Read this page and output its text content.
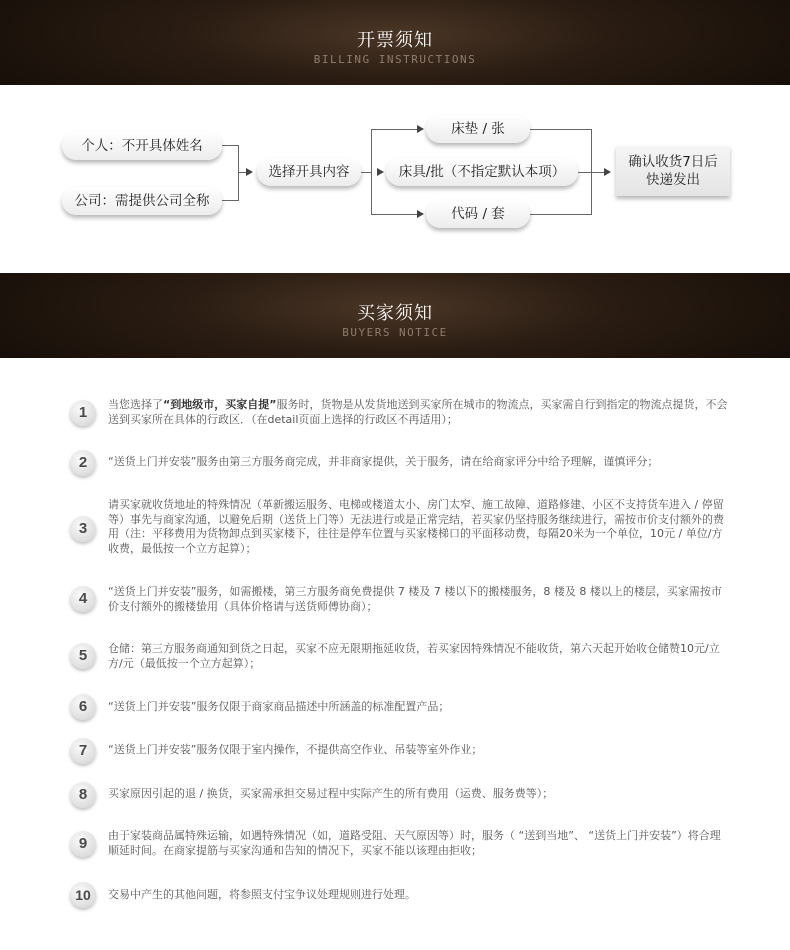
开票须知
BILLING INSTRUCTIONS
个人：不开具体姓名
公司：需提供公司全称
选择开具内容
床垫 / 张
床具/批（不指定默认本项）
代码 / 套
确认收货7日后
快递发出
买家须知
BUYERS NOTICE
1	当您选择了“到地级市，买家自提”服务时，货物是从发货地送到买家所在城市的物流点，买家需自行到指定的物流点提货，不会送到买家所在具体的行政区．（在detail页面上选择的行政区不再适用）；
2	“送货上门并安装”服务由第三方服务商完成，并非商家提供，关于服务，请在给商家评分中给予理解，谨慎评分；
3
请买家就收货地址的特殊情况（革新搬运服务、电梯或楼道太小、房门太窄、施工故障、道路修建、小区不支持货车进入 / 停留等）事先与商家沟通，以避免后期（送货上门等）无法进行或是正常完结，若买家仍坚持服务继续进行，需按市价支付额外的费用（注：平移费用为货物卸点到买家楼下，往往是停车位置与买家楼梯口的平面移动费，每隔20米为一个单位，10元 / 单位/方收费，最低按一个立方起算）；
4	“送货上门并安装”服务，如需搬楼，第三方服务商免费提供 7 楼及 7 楼以下的搬楼服务，8 楼及 8 楼以上的楼层，买家需按市价支付额外的搬楼蛰用（具体价格请与送货师傅协商）；
5	仓储：第三方服务商通知到货之日起，买家不应无限期拖延收货，若买家因特殊情况不能收货，第六天起开始收仓储赞10元/立方/元（最低按一个立方起算）；
6	“送货上门并安装”服务仅限于商家商品描述中所涵盖的标准配置产品；
7	“送货上门并安装”服务仅限于室内操作，不提供高空作业、吊装等室外作业；
8	买家原因引起的退 / 换货，买家需承担交易过程中实际产生的所有费用（运费、服务费等）；
9	由于家装商品属特殊运输，如遇特殊情况（如，道路受阻、天气原因等）时，服务（ “送到当地”、 “送货上门并安装”）将合理顺延时间。在商家提筋与买家沟通和告知的情况下，买家不能以该理由拒收；
10	交易中产生的其他问题，将参照支付宝争议处理规则进行处理。
